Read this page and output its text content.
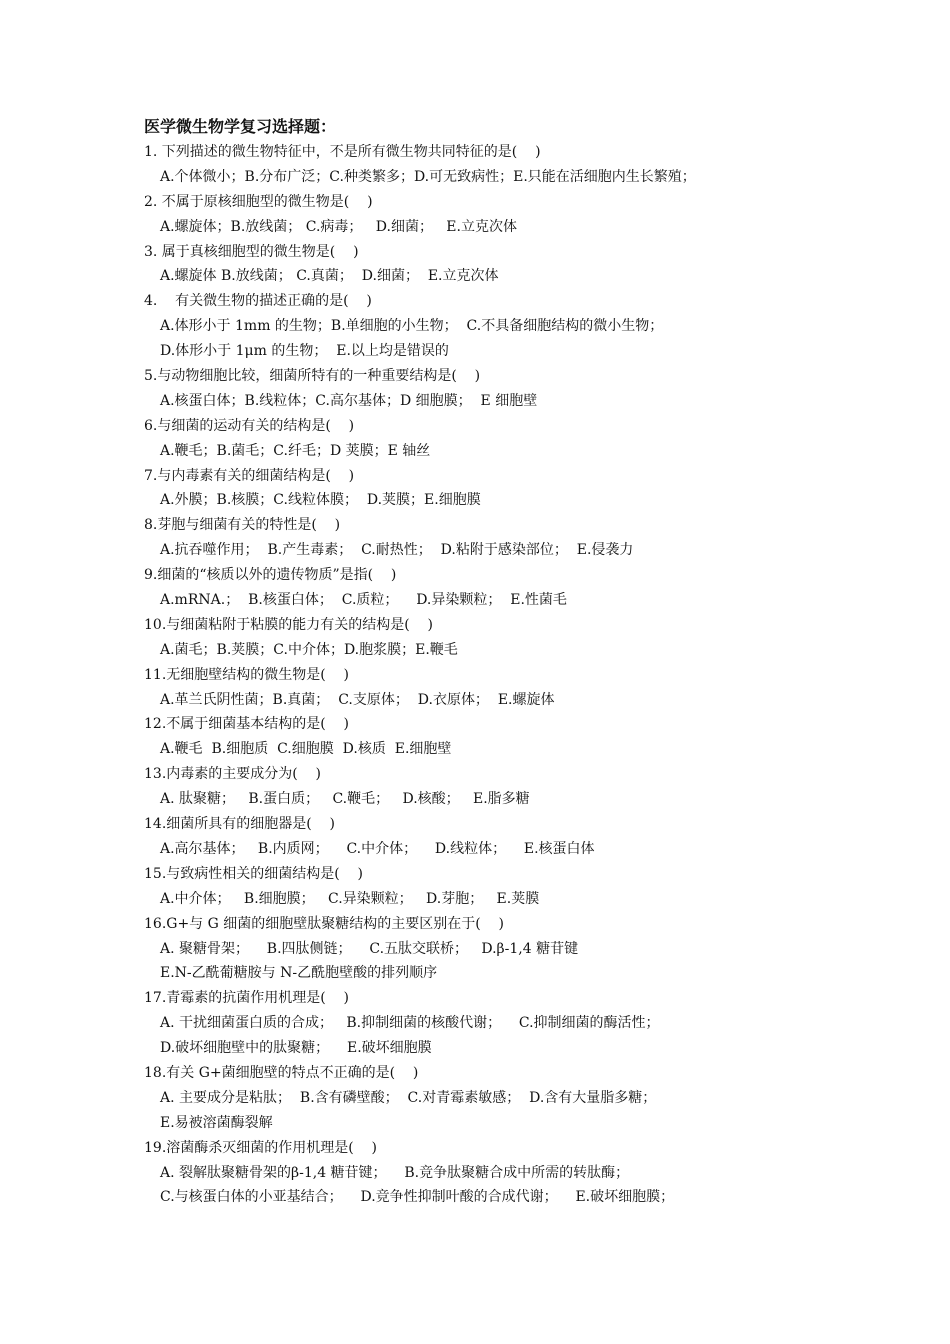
医学微生物学复习选择题：
1. 下列描述的微生物特征中，不是所有微生物共同特征的是(    )
A.个体微小；B.分布广泛；C.种类繁多；D.可无致病性；E.只能在活细胞内生长繁殖；
2. 不属于原核细胞型的微生物是(    )
A.螺旋体；B.放线菌； C.病毒；   D.细菌；   E.立克次体
3. 属于真核细胞型的微生物是(    )
A.螺旋体 B.放线菌； C.真菌；  D.细菌；  E.立克次体
4.    有关微生物的描述正确的是(    )
A.体形小于 1mm 的生物；B.单细胞的小生物；  C.不具备细胞结构的微小生物；
D.体形小于 1μm 的生物；  E.以上均是错误的
5.与动物细胞比较，细菌所特有的一种重要结构是(    )
A.核蛋白体；B.线粒体；C.高尔基体；D 细胞膜；  E 细胞壁
6.与细菌的运动有关的结构是(    )
A.鞭毛；B.菌毛；C.纤毛；D 荚膜；E 轴丝
7.与内毒素有关的细菌结构是(    )
A.外膜；B.核膜；C.线粒体膜；  D.荚膜；E.细胞膜
8.芽胞与细菌有关的特性是(    )
A.抗吞噬作用；  B.产生毒素；  C.耐热性；  D.粘附于感染部位；  E.侵袭力
9.细菌的“核质以外的遗传物质”是指(    )
A.mRNA.；  B.核蛋白体；  C.质粒；    D.异染颗粒；  E.性菌毛
10.与细菌粘附于粘膜的能力有关的结构是(    )
A.菌毛；B.荚膜；C.中介体；D.胞浆膜；E.鞭毛
11.无细胞壁结构的微生物是(    )
A.革兰氏阴性菌；B.真菌；  C.支原体；  D.衣原体；  E.螺旋体
12.不属于细菌基本结构的是(    )
A.鞭毛  B.细胞质  C.细胞膜  D.核质  E.细胞壁
13.内毒素的主要成分为(    )
A. 肽聚糖；   B.蛋白质；   C.鞭毛；   D.核酸；   E.脂多糖
14.细菌所具有的细胞器是(    )
A.高尔基体；   B.内质网；    C.中介体；    D.线粒体；    E.核蛋白体
15.与致病性相关的细菌结构是(    )
A.中介体；   B.细胞膜；   C.异染颗粒；   D.芽胞；   E.荚膜
16.G+与 G 细菌的细胞壁肽聚糖结构的主要区别在于(    )
A. 聚糖骨架；    B.四肽侧链；    C.五肽交联桥；   D.β-1,4 糖苷键
E.N-乙酰葡糖胺与 N-乙酰胞壁酸的排列顺序
17.青霉素的抗菌作用机理是(    )
A. 干扰细菌蛋白质的合成；   B.抑制细菌的核酸代谢；    C.抑制细菌的酶活性；
D.破坏细胞壁中的肽聚糖；    E.破坏细胞膜
18.有关 G+菌细胞壁的特点不正确的是(    )
A. 主要成分是粘肽；  B.含有磷壁酸；  C.对青霉素敏感；  D.含有大量脂多糖；
E.易被溶菌酶裂解
19.溶菌酶杀灭细菌的作用机理是(    )
A. 裂解肽聚糖骨架的β-1,4 糖苷键；    B.竞争肽聚糖合成中所需的转肽酶；
C.与核蛋白体的小亚基结合；    D.竞争性抑制叶酸的合成代谢；    E.破坏细胞膜；
